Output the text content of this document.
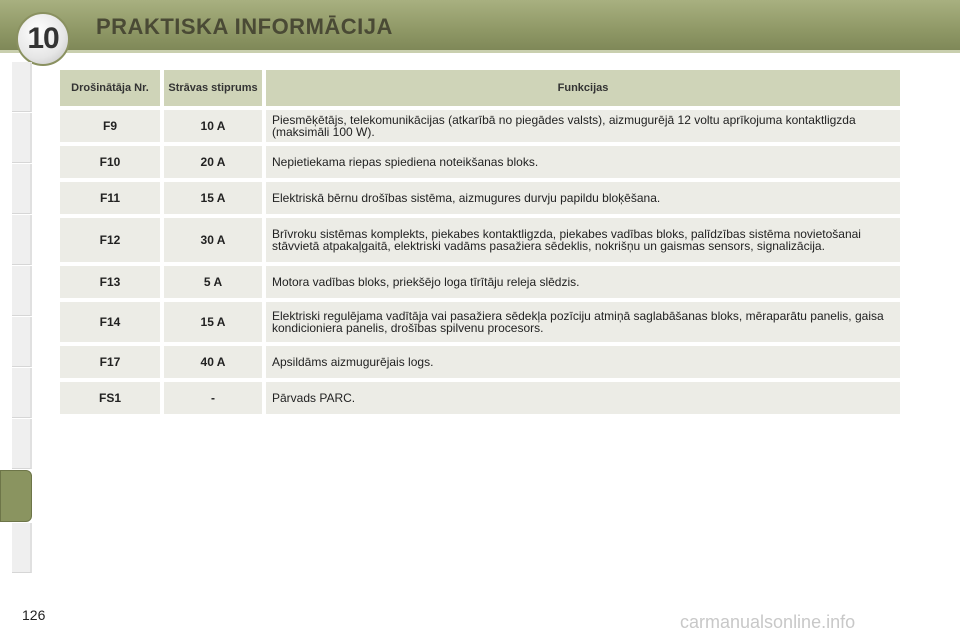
10	PRAKTISKA INFORMĀCIJA
Drošinātāja Nr.	Strāvas stiprums	Funkcijas
F9	10 A	Piesmēķētājs, telekomunikācijas (atkarībā no piegādes valsts), aizmugurējā 12 voltu aprīkojuma kontaktligzda (maksimāli 100 W).
F10	20 A	Nepietiekama riepas spiediena noteikšanas bloks.
F11	15 A	Elektriskā bērnu drošības sistēma, aizmugures durvju papildu bloķēšana.
F12	30 A	Brīvroku sistēmas komplekts, piekabes kontaktligzda, piekabes vadības bloks, palīdzības sistēma novietošanai stāvvietā atpakaļgaitā, elektriski vadāms pasažiera sēdeklis, nokrišņu un gaismas sensors, signalizācija.
F13	5 A	Motora vadības bloks, priekšējo loga tīrītāju releja slēdzis.
F14	15 A	Elektriski regulējama vadītāja vai pasažiera sēdekļa pozīciju atmiņā saglabāšanas bloks, mēraparātu panelis, gaisa kondicioniera panelis, drošības spilvenu procesors.
F17	40 A	Apsildāms aizmugurējais logs.
FS1	-	Pārvads PARC.
126	carmanualsonline.info
